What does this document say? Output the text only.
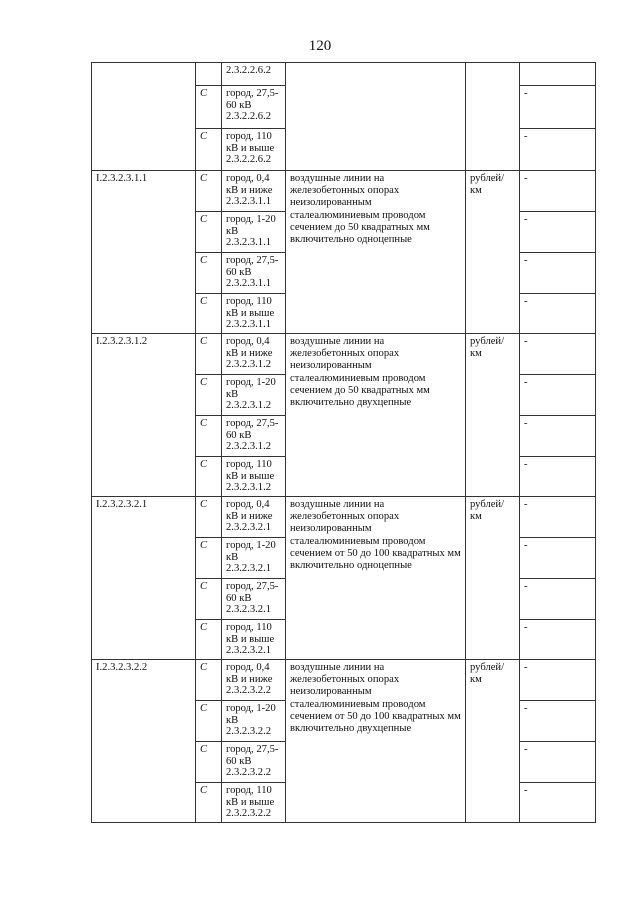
120
		2.3.2.2.6.2			
	С	город, 27,5-60 кВ 2.3.2.2.6.2			-
	С	город, 110 кВ и выше 2.3.2.2.6.2			-
I.2.3.2.3.1.1	С	город, 0,4 кВ и ниже 2.3.2.3.1.1	воздушные линии на железобетонных опорах неизолированным сталеалюминиевым проводом сечением до 50 квадратных мм включительно одноцепные	рублей/км	-
	С	город, 1-20 кВ 2.3.2.3.1.1			-
	С	город, 27,5-60 кВ 2.3.2.3.1.1			-
	С	город, 110 кВ и выше 2.3.2.3.1.1			-
I.2.3.2.3.1.2	С	город, 0,4 кВ и ниже 2.3.2.3.1.2	воздушные линии на железобетонных опорах неизолированным сталеалюминиевым проводом сечением до 50 квадратных мм включительно двухцепные	рублей/км	-
	С	город, 1-20 кВ 2.3.2.3.1.2			-
	С	город, 27,5-60 кВ 2.3.2.3.1.2			-
	С	город, 110 кВ и выше 2.3.2.3.1.2			-
I.2.3.2.3.2.1	С	город, 0,4 кВ и ниже 2.3.2.3.2.1	воздушные линии на железобетонных опорах неизолированным сталеалюминиевым проводом сечением от 50 до 100 квадратных мм включительно одноцепные	рублей/км	-
	С	город, 1-20 кВ 2.3.2.3.2.1			-
	С	город, 27,5-60 кВ 2.3.2.3.2.1			-
	С	город, 110 кВ и выше 2.3.2.3.2.1			-
I.2.3.2.3.2.2	С	город, 0,4 кВ и ниже 2.3.2.3.2.2	воздушные линии на железобетонных опорах неизолированным сталеалюминиевым проводом сечением от 50 до 100 квадратных мм включительно двухцепные	рублей/км	-
	С	город, 1-20 кВ 2.3.2.3.2.2			-
	С	город, 27,5-60 кВ 2.3.2.3.2.2			-
	С	город, 110 кВ и выше 2.3.2.3.2.2			-
